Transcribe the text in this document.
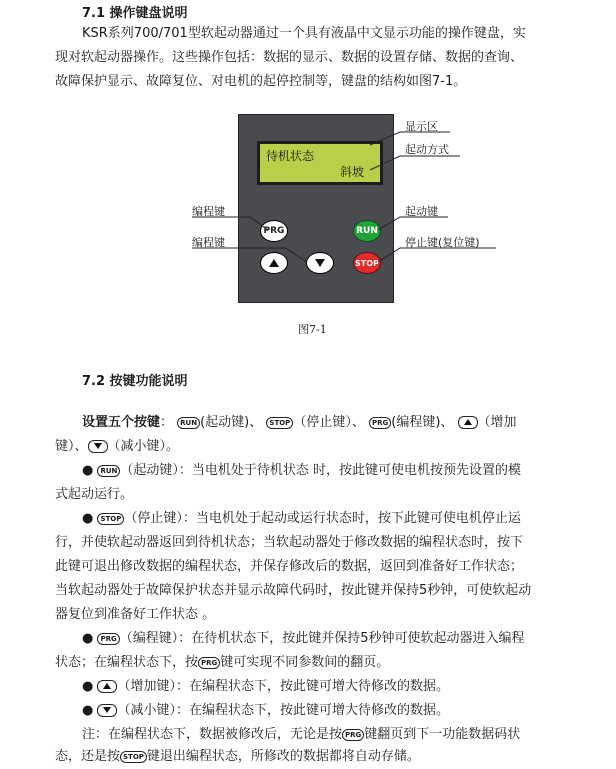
7.1 操作键盘说明
KSR系列700/701型软起动器通过一个具有液晶中文显示功能的操作键盘，实
现对软起动器操作。这些操作包括：数据的显示、数据的设置存储、数据的查询、
故障保护显示、故障复位、对电机的起停控制等，键盘的结构如图7-1。
待机状态
斜坡
PRG	RUN
STOP
显示区
起动方式
编程键
编程键
起动键
停止键(复位键)
图7-1
7.2 按键功能说明
设置五个按键： RUN (起动键)、 STOP （停止键）、 PRG (编程键)、 （增加
键）、 （减小键）。
● RUN （起动键）：当电机处于待机状态 时，按此键可使电机按预先设置的模
式起动运行。
● STOP （停止键）：当电机处于起动或运行状态时，按下此键可使电机停止运
行，并使软起动器返回到待机状态；当软起动器处于修改数据的编程状态时，按下
此键可退出修改数据的编程状态，并保存修改后的数据，返回到准备好工作状态；
当软起动器处于故障保护状态并显示故障代码时，按此键并保持5秒钟，可使软起动
器复位到准备好工作状态 。
● PRG （编程键）：在待机状态下，按此键并保持5秒钟可使软起动器进入编程
状态；在编程状态下，按 PRG 键可实现不同参数间的翻页。
● （增加键）：在编程状态下，按此键可增大待修改的数据。
● （减小键）：在编程状态下，按此键可增大待修改的数据。
注：在编程状态下，数据被修改后，无论是按 PRG 键翻页到下一功能数据码状
态，还是按 STOP 键退出编程状态，所修改的数据都将自动存储。
